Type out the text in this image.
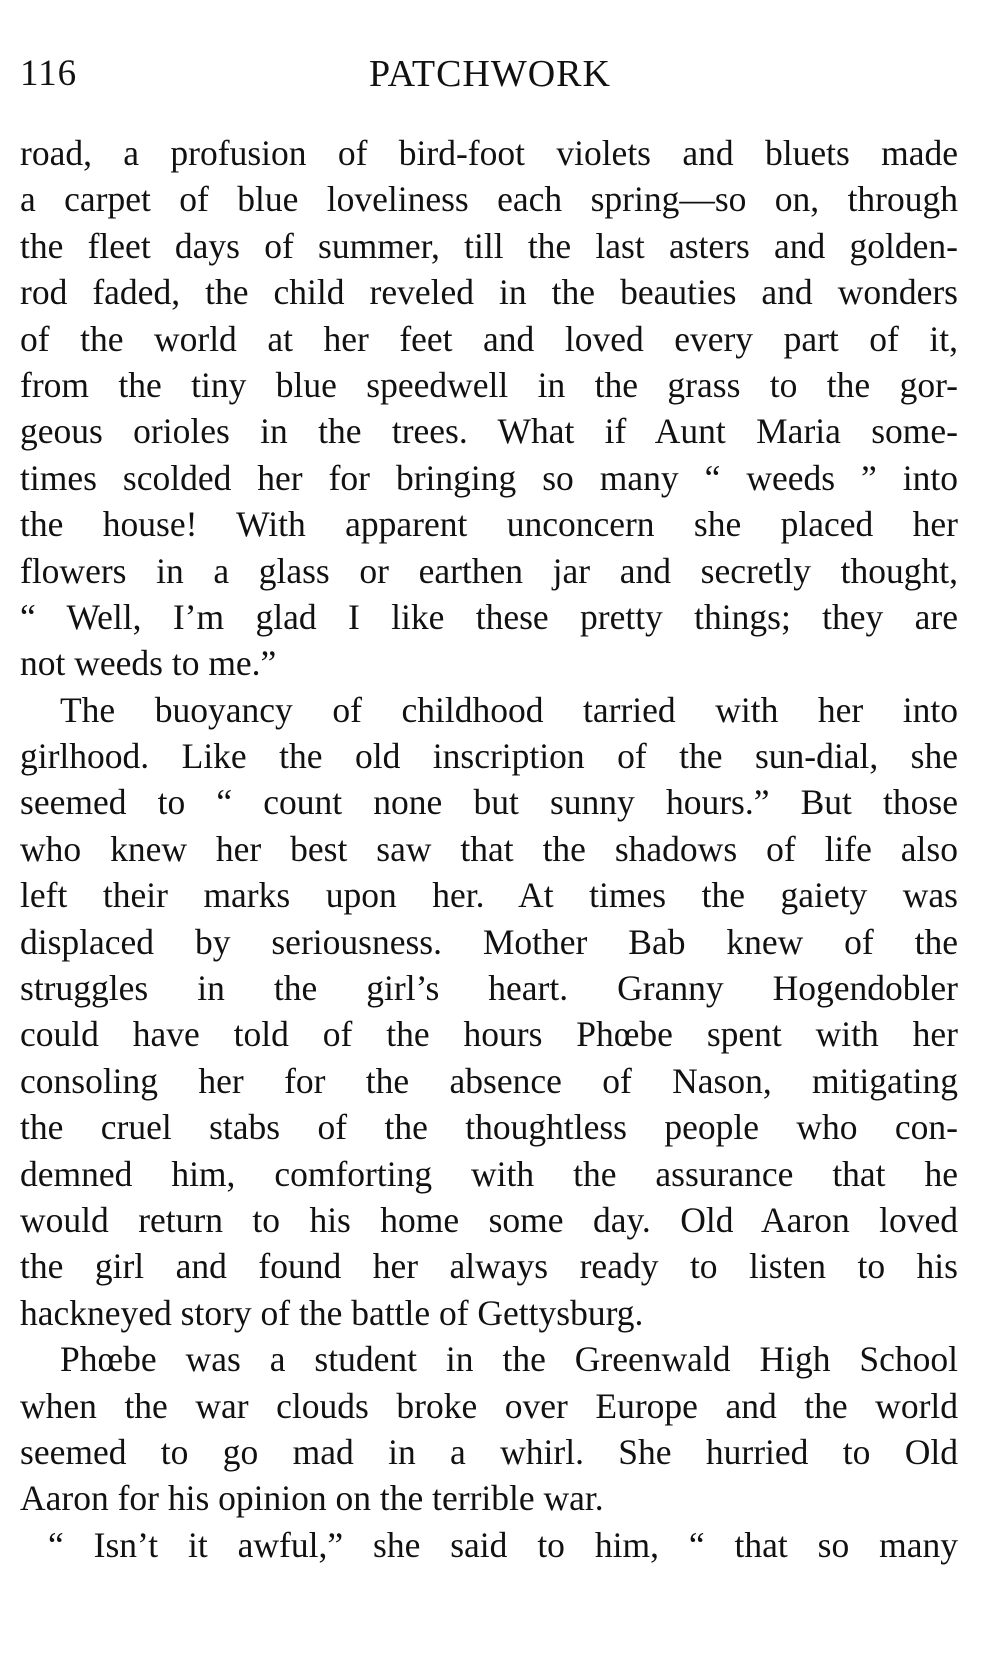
116	PATCHWORK
road, a profusion of bird-foot violets and bluets made
a carpet of blue loveliness each spring—so on, through
the fleet days of summer, till the last asters and golden-
rod faded, the child reveled in the beauties and wonders
of the world at her feet and loved every part of it,
from the tiny blue speedwell in the grass to the gor-
geous orioles in the trees. What if Aunt Maria some-
times scolded her for bringing so many “ weeds ” into
the house! With apparent unconcern she placed her
flowers in a glass or earthen jar and secretly thought,
“ Well, I’m glad I like these pretty things; they are
not weeds to me.”
The buoyancy of childhood tarried with her into
girlhood. Like the old inscription of the sun-dial, she
seemed to “ count none but sunny hours.” But those
who knew her best saw that the shadows of life also
left their marks upon her. At times the gaiety was
displaced by seriousness. Mother Bab knew of the
struggles in the girl’s heart. Granny Hogendobler
could have told of the hours Phœbe spent with her
consoling her for the absence of Nason, mitigating
the cruel stabs of the thoughtless people who con-
demned him, comforting with the assurance that he
would return to his home some day. Old Aaron loved
the girl and found her always ready to listen to his
hackneyed story of the battle of Gettysburg.
Phœbe was a student in the Greenwald High School
when the war clouds broke over Europe and the world
seemed to go mad in a whirl. She hurried to Old
Aaron for his opinion on the terrible war.
“ Isn’t it awful,” she said to him, “ that so many
